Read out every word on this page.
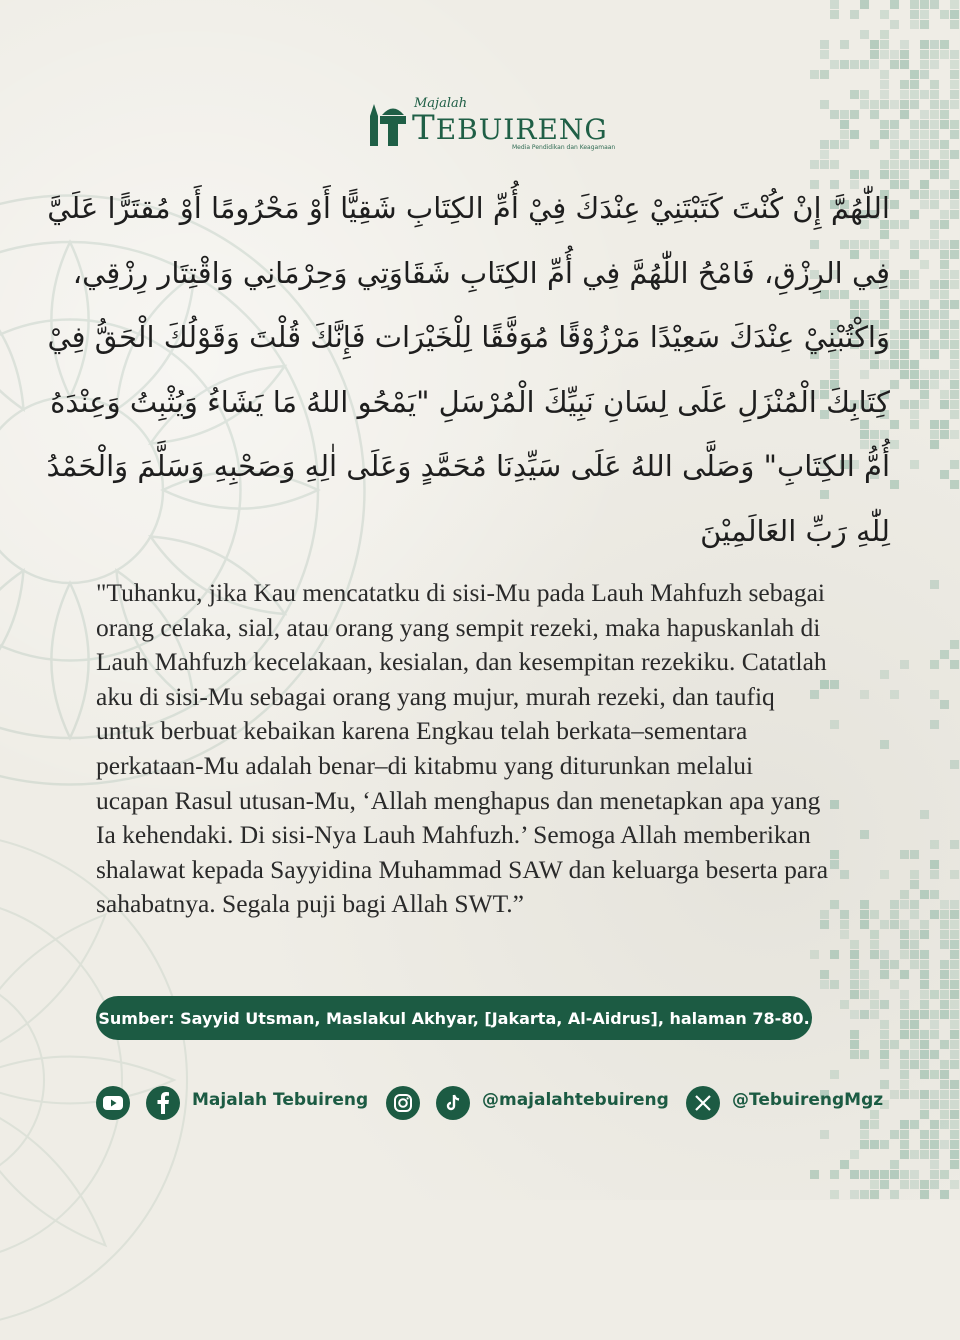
Majalah
TEBUIRENG
Media Pendidikan dan Keagamaan
اللّٰهُمَّ إِنْ كُنْتَ كَتَبْتَنِيْ عِنْدَكَ فِيْ أُمِّ الكِتَابِ شَقِيًّا أَوْ مَحْرُومًا أَوْ مُقتَرًّا عَلَيَّ
فِي الرِزْقِ، فَامْحُ اللّٰهُمَّ فِي أُمِّ الكِتَابِ شَقَاوَتِي وَحِرْمَانِي وَاقْتِتَار رِزْقِي،
وَاكْتُبْنِيْ عِنْدَكَ سَعِيْدًا مَرْزُوْقًا مُوَفَّقًا لِلْخَيْرَات فَإِنَّكَ قُلْتَ وَقَوْلُكَ الْحَقُّ فِيْ
كِتَابِكَ الْمُنْزَلِ عَلَى لِسَانِ نَبِيِّكَ الْمُرْسَلِ "يَمْحُو اللهُ مَا يَشَاءُ وَيُثْبِتُ وَعِنْدَهُ
أُمُّ الكِتَابِ" وَصَلَّى اللهُ عَلَى سَيِّدِنَا مُحَمَّدٍ وَعَلَى اٰلِهِ وَصَحْبِهِ وَسَلَّمَ وَالْحَمْدُ
لِلّٰهِ رَبِّ العَالَمِيْنَ
"Tuhanku, jika Kau mencatatku di sisi-Mu pada Lauh Mahfuzh sebagai
orang celaka, sial, atau orang yang sempit rezeki, maka hapuskanlah di
Lauh Mahfuzh kecelakaan, kesialan, dan kesempitan rezekiku. Catatlah
aku di sisi-Mu sebagai orang yang mujur, murah rezeki, dan taufiq
untuk berbuat kebaikan karena Engkau telah berkata–sementara
perkataan-Mu adalah benar–di kitabmu yang diturunkan melalui
ucapan Rasul utusan-Mu, ‘Allah menghapus dan menetapkan apa yang
Ia kehendaki. Di sisi-Nya Lauh Mahfuzh.’ Semoga Allah memberikan
shalawat kepada Sayyidina Muhammad SAW dan keluarga beserta para
sahabatnya. Segala puji bagi Allah SWT.”
Sumber: Sayyid Utsman, Maslakul Akhyar, [Jakarta, Al-Aidrus], halaman 78-80.
Majalah Tebuireng	@majalahtebuireng	@TebuirengMgz
